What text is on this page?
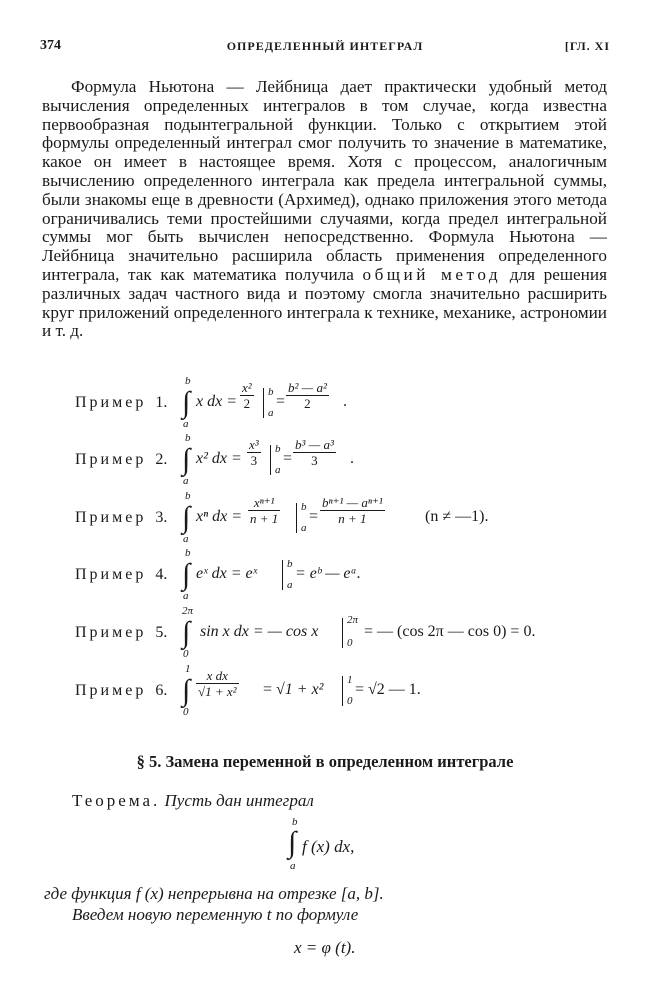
374	ОПРЕДЕЛЕННЫЙ ИНТЕГРАЛ	[ГЛ. XI

Формула Ньютона — Лейбница дает практически удобный метод вычисления определенных интегралов в том случае, когда известна первообразная подынтегральной функции. Только с открытием этой формулы определенный интеграл смог получить то значение в математике, какое он имеет в настоящее время. Хотя с процессом, аналогичным вычислению определенного интеграла как предела интегральной суммы, были знакомы еще в древности (Архимед), однако приложения этого метода ограничивались теми простейшими случаями, когда предел интегральной суммы мог быть вычислен непосредственно. Формула Ньютона — Лейбница значительно расширила область применения определенного интеграла, так как математика получила общий метод для решения различных задач частного вида и поэтому смогла значительно расширить круг приложений определенного интеграла к технике, механике, астрономии и т. д.

Пример 1.
b
∫
a
x dx = $\frac{\text{x²}}{2}$ b
a
= $\frac{\text{b² — a²}}{2}$ .
Пример 2.
b
∫
a
x² dx = $\frac{\text{x³}}{3}$ b
a
= $\frac{\text{b³ — a³}}{3}$ .
Пример 3.
b
∫
a
xⁿ dx = $\frac{\text{xⁿ⁺¹}}{n + 1}$ b
a
= $\frac{\text{bⁿ⁺¹ — aⁿ⁺¹}}{n + 1}$	(n ≠ —1).
Пример 4.
b
∫
a
eˣ dx = eˣ
b
a
= eᵇ — eᵃ.
Пример 5.
2π
∫
0
sin x dx = — cos x
2π
0
= — (cos 2π — cos 0) = 0.
Пример 6.
1
∫
0
$\frac{\text{x dx}}{\text{√1 + x²}} = √1 + x^2$
1
0
= √2 — 1.
§ 5. Замена переменной в определенном интеграле
Теорема. Пусть дан интеграл
b
∫
a
f (x) dx,
где функция f (x) непрерывна на отрезке [a, b].
Введем новую переменную t по формуле
x = φ (t).
